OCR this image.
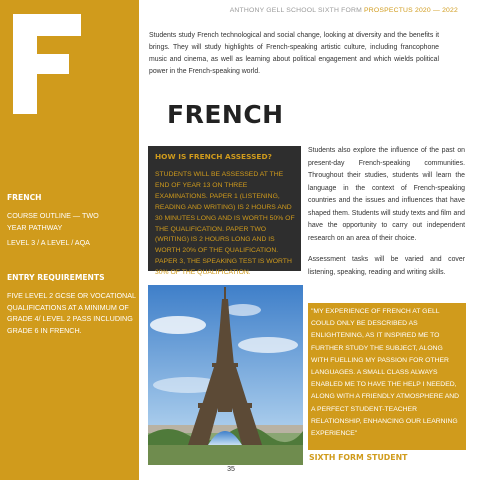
FRENCH
COURSE OUTLINE — TWO YEAR PATHWAY
LEVEL 3 / A LEVEL / AQA
ENTRY REQUIREMENTS
FIVE LEVEL 2 GCSE OR VOCATIONAL QUALIFICATIONS AT A MINIMUM OF GRADE 4/ LEVEL 2 PASS INCLUDING GRADE 6 IN FRENCH.
ANTHONY GELL SCHOOL SIXTH FORM PROSPECTUS 2020 — 2022
Students study French technological and social change, looking at diversity and the benefits it brings. They will study highlights of French-speaking artistic culture, including francophone music and cinema, as well as learning about political engagement and which wields political power in the French-speaking world.
FRENCH
HOW IS FRENCH ASSESSED?
STUDENTS WILL BE ASSESSED AT THE END OF YEAR 13 ON THREE EXAMINATIONS. PAPER 1 (LISTENING, READING AND WRITING) IS 2 HOURS AND 30 MINUTES LONG AND IS WORTH 50% OF THE QUALIFICATION. PAPER TWO (WRITING) IS 2 HOURS LONG AND IS WORTH 20% OF THE QUALIFICATION. PAPER 3, THE SPEAKING TEST IS WORTH 30% OF THE QUALIFICATION.
Students also explore the influence of the past on present-day French-speaking communities. Throughout their studies, students will learn the language in the context of French-speaking countries and the issues and influences that have shaped them. Students will study texts and film and have the opportunity to carry out independent research on an area of their choice.
Assessment tasks will be varied and cover listening, speaking, reading and writing skills.
"MY EXPERIENCE OF FRENCH AT GELL COULD ONLY BE DESCRIBED AS ENLIGHTENING, AS IT INSPIRED ME TO FURTHER STUDY THE SUBJECT, ALONG WITH FUELLING MY PASSION FOR OTHER LANGUAGES. A SMALL CLASS ALWAYS ENABLED ME TO HAVE THE HELP I NEEDED, ALONG WITH A FRIENDLY ATMOSPHERE AND A PERFECT STUDENT-TEACHER RELATIONSHIP, ENHANCING OUR LEARNING EXPERIENCE"
SIXTH FORM STUDENT
35
